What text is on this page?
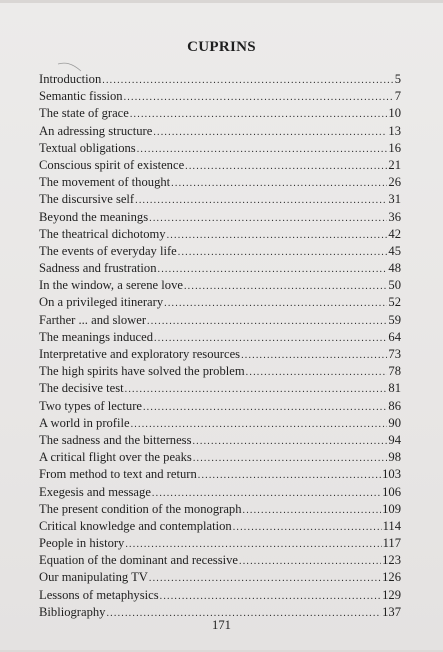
CUPRINS
Introduction .....	5
Semantic fission .....	7
The state of grace .....	10
An adressing structure .....	13
Textual obligations .....	16
Conscious spirit of existence .....	21
The movement of thought .....	26
The discursive self .....	31
Beyond the meanings .....	36
The theatrical dichotomy .....	42
The events of everyday life .....	45
Sadness and frustration .....	48
In the window, a serene love .....	50
On a privileged itinerary .....	52
Farther ... and slower .....	59
The meanings induced .....	64
Interpretative and exploratory resources .....	73
The high spirits have solved the problem .....	78
The decisive test .....	81
Two types of lecture .....	86
A world in profile .....	90
The sadness and the bitterness .....	94
A critical flight over the peaks .....	98
From method to text and return .....	103
Exegesis and message .....	106
The present condition of the monograph .....	109
Critical knowledge and contemplation .....	114
People in history .....	117
Equation of the dominant and recessive .....	123
Our manipulating TV .....	126
Lessons of metaphysics .....	129
Bibliography .....	137
171
